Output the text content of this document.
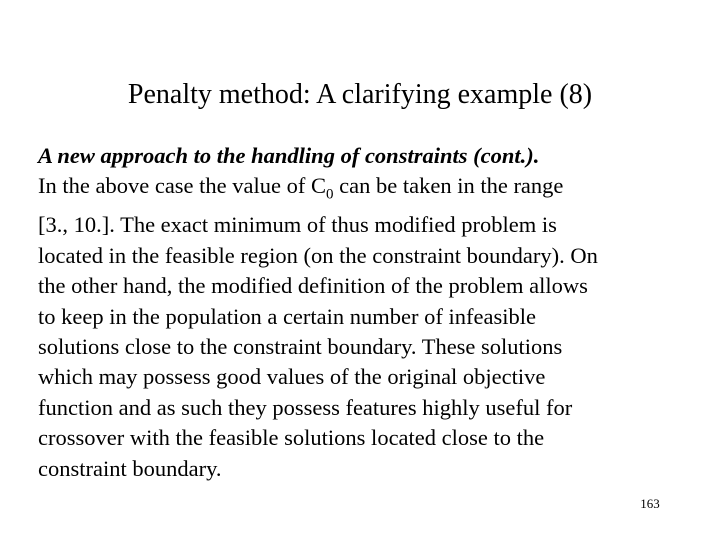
Penalty method: A clarifying example (8)

A new approach to the handling of constraints (cont.).

In the above case the value of $C_0$ can be taken in the range
[3., 10.]. The exact minimum of thus modified problem is
located in the feasible region (on the constraint boundary). On
the other hand, the modified definition of the problem allows
to keep in the population a certain number of infeasible
solutions close to the constraint boundary. These solutions
which may possess good values of the original objective
function and as such they possess features highly useful for
crossover with the feasible solutions located close to the
constraint boundary.
163
